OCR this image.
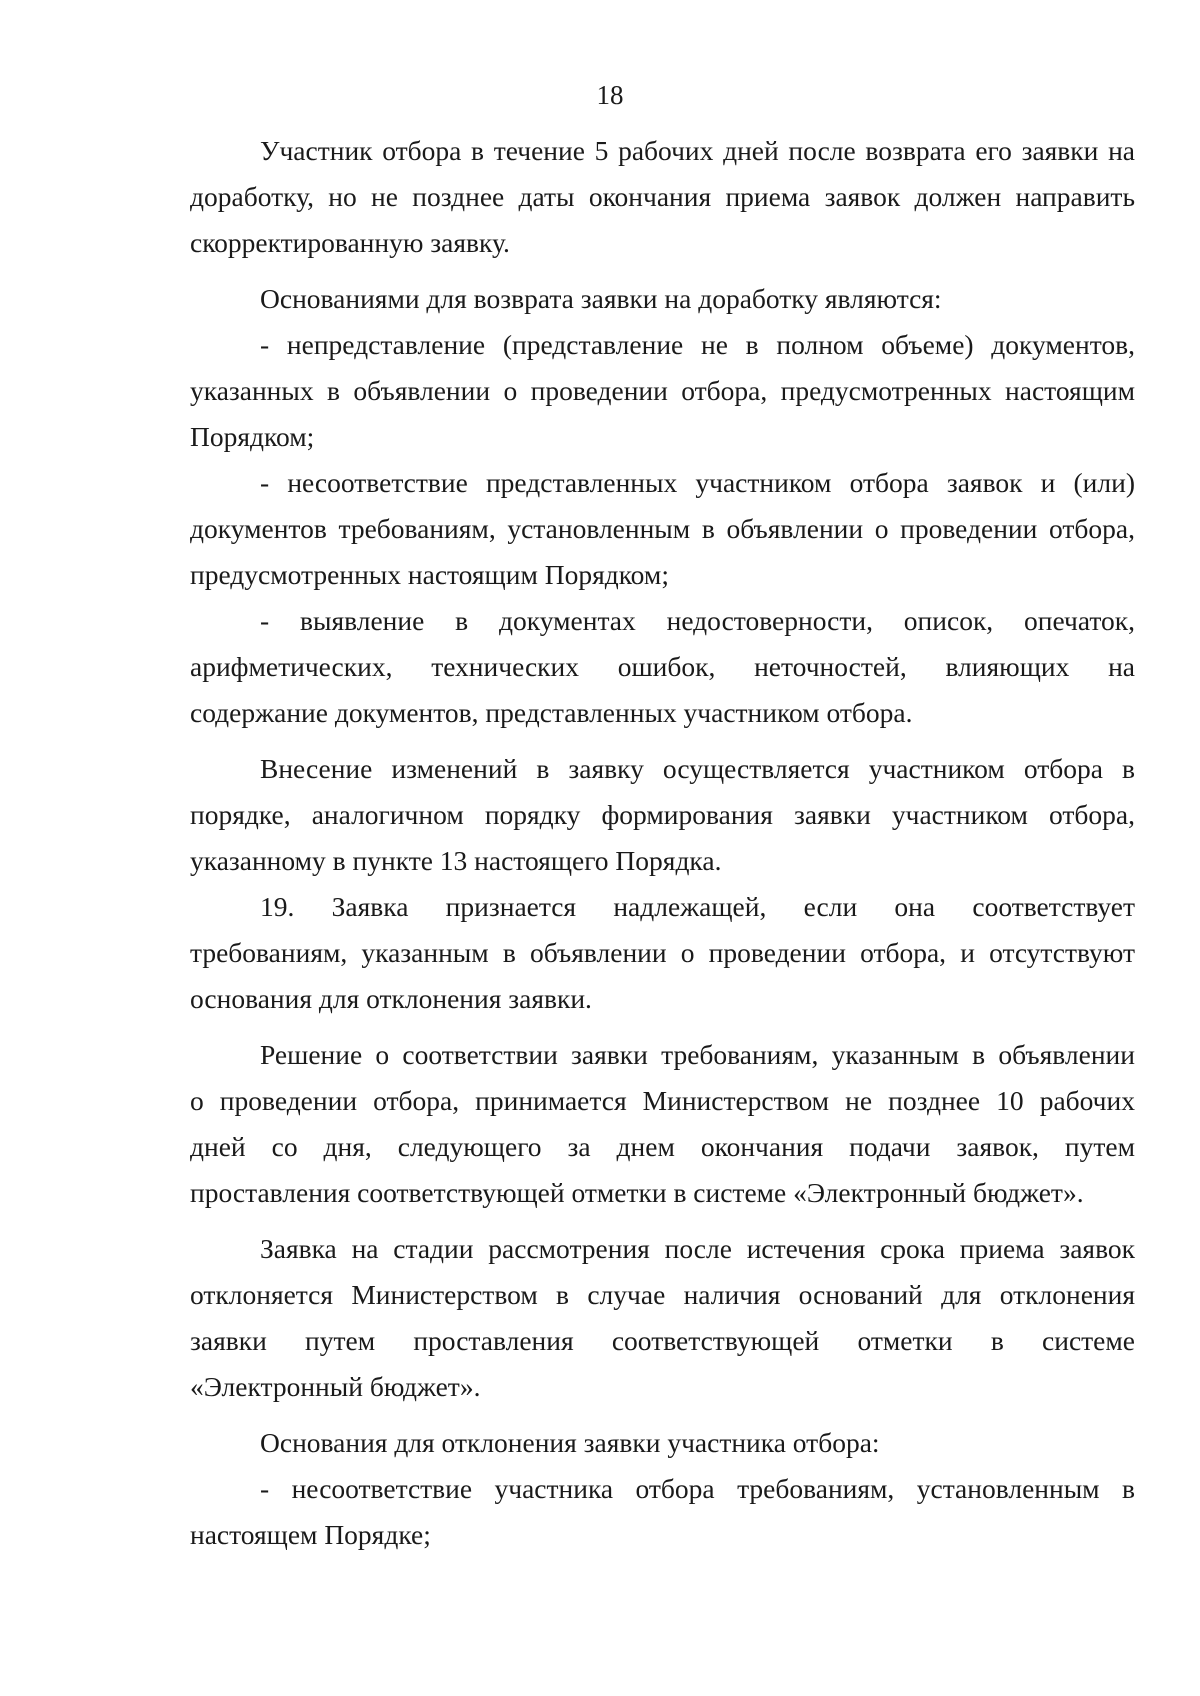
18
Участник отбора в течение 5 рабочих дней после возврата его заявки на
доработку, но не позднее даты окончания приема заявок должен направить
скорректированную заявку.
Основаниями для возврата заявки на доработку являются:
- непредставление (представление не в полном объеме) документов,
указанных в объявлении о проведении отбора, предусмотренных настоящим
Порядком;
- несоответствие представленных участником отбора заявок и (или)
документов требованиям, установленным в объявлении о проведении отбора,
предусмотренных настоящим Порядком;
- выявление в документах недостоверности, описок, опечаток,
арифметических, технических ошибок, неточностей, влияющих на
содержание документов, представленных участником отбора.
Внесение изменений в заявку осуществляется участником отбора в
порядке, аналогичном порядку формирования заявки участником отбора,
указанному в пункте 13 настоящего Порядка.
19. Заявка признается надлежащей, если она соответствует
требованиям, указанным в объявлении о проведении отбора, и отсутствуют
основания для отклонения заявки.
Решение о соответствии заявки требованиям, указанным в объявлении
о проведении отбора, принимается Министерством не позднее 10 рабочих
дней со дня, следующего за днем окончания подачи заявок, путем
проставления соответствующей отметки в системе «Электронный бюджет».
Заявка на стадии рассмотрения после истечения срока приема заявок
отклоняется Министерством в случае наличия оснований для отклонения
заявки путем проставления соответствующей отметки в системе
«Электронный бюджет».
Основания для отклонения заявки участника отбора:
- несоответствие участника отбора требованиям, установленным в
настоящем Порядке;
